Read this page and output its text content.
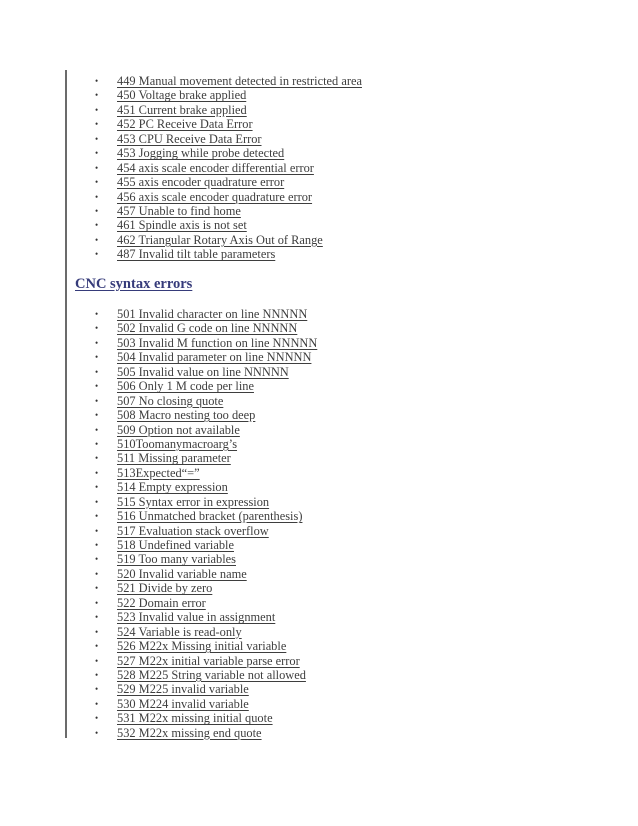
•	449 Manual movement detected in restricted area
•	450 Voltage brake applied
•	451 Current brake applied
•	452 PC Receive Data Error
•	453 CPU Receive Data Error
•	453 Jogging while probe detected
•	454 axis scale encoder differential error
•	455 axis encoder quadrature error
•	456 axis scale encoder quadrature error
•	457 Unable to find home
•	461 Spindle axis is not set
•	462 Triangular Rotary Axis Out of Range
•	487 Invalid tilt table parameters
CNC syntax errors
•	501 Invalid character on line NNNNN
•	502 Invalid G code on line NNNNN
•	503 Invalid M function on line NNNNN
•	504 Invalid parameter on line NNNNN
•	505 Invalid value on line NNNNN
•	506 Only 1 M code per line
•	507 No closing quote
•	508 Macro nesting too deep
•	509 Option not available
•	510Toomanymacroarg’s
•	511 Missing parameter
•	513Expected“=”
•	514 Empty expression
•	515 Syntax error in expression
•	516 Unmatched bracket (parenthesis)
•	517 Evaluation stack overflow
•	518 Undefined variable
•	519 Too many variables
•	520 Invalid variable name
•	521 Divide by zero
•	522 Domain error
•	523 Invalid value in assignment
•	524 Variable is read-only
•	526 M22x Missing initial variable
•	527 M22x initial variable parse error
•	528 M225 String variable not allowed
•	529 M225 invalid variable
•	530 M224 invalid variable
•	531 M22x missing initial quote
•	532 M22x missing end quote
